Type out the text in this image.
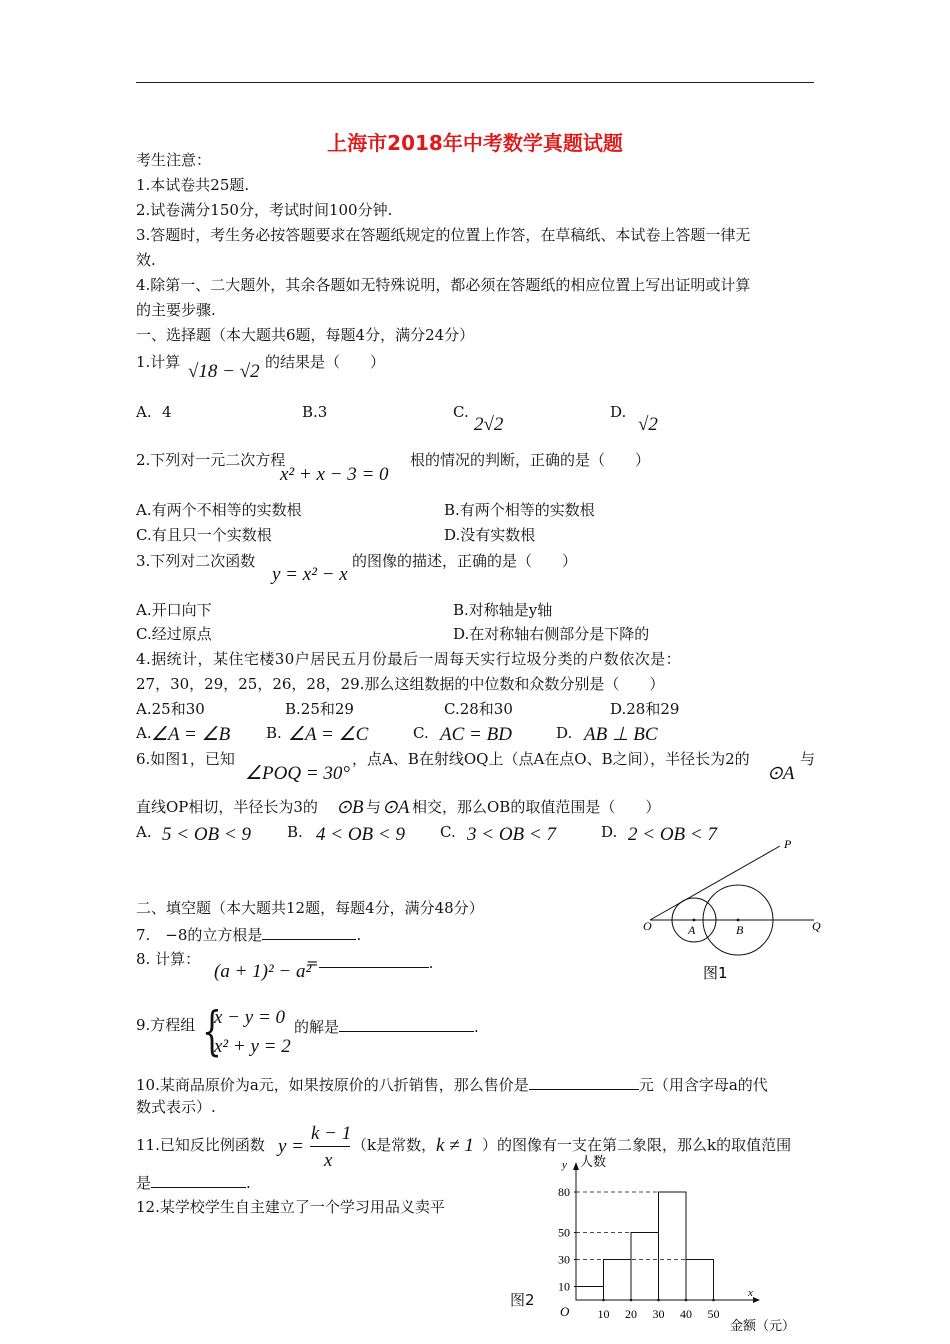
上海市2018年中考数学真题试题
考生注意：
1.本试卷共25题.
2.试卷满分150分，考试时间100分钟.
3.答题时，考生务必按答题要求在答题纸规定的位置上作答，在草稿纸、本试卷上答题一律无
效.
4.除第一、二大题外，其余各题如无特殊说明，都必须在答题纸的相应位置上写出证明或计算
的主要步骤.
一、选择题（本大题共6题，每题4分，满分24分）
1.计算 √18 − √2 的结果是（　　）
A. 4	B.3	C.
2√2
D.
√2
2.下列对一元二次方程
x² + x − 3 = 0
根的情况的判断，正确的是（　　）
A.有两个不相等的实数根	B.有两个相等的实数根
C.有且只一个实数根	D.没有实数根
3.下列对二次函数
y = x² − x
的图像的描述，正确的是（　　）
A.开口向下	B.对称轴是y轴
C.经过原点	D.在对称轴右侧部分是下降的
4.据统计，某住宅楼30户居民五月份最后一周每天实行垃圾分类的户数依次是：
27，30，29，25，26，28，29.那么这组数据的中位数和众数分别是（　　）
A.25和30	B.25和29	C.28和30	D.28和29
A. ∠A = ∠B B. ∠A = ∠C	C. AC = BD	D. AB ⊥ BC
6.如图1，已知
∠POQ = 30°
，点A、B在射线OQ上（点A在点O、B之间），半径长为2的
⊙A
与
直线OP相切，半径长为3的 ⊙B 与 ⊙A 相交，那么OB的取值范围是（　　）
A. 5 < OB < 9 B. 4 < OB < 9 C. 3 < OB < 7	D. 2 < OB < 7	P
O	A	B	Q
图1
二、填空题（本大题共12题，每题4分，满分48分）
7.　−8的立方根是	.
8. 计算：
(a + 1)² − a²
=	.
9.方程组 {
x − y = 0
x² + y = 2
的解是	.
10.某商品原价为a元，如果按原价的八折销售，那么售价是	元（用含字母a的代
数式表示）.
11.已知反比例函数 y =
k − 1
x
（k是常数， k ≠ 1 ）的图像有一支在第二象限，那么k的取值范围
是	.
12.某学校学生自主建立了一个学习用品义卖平
图2
10
30
50
80
10 20 30 40 50
y 人数
x
金额（元）
O
